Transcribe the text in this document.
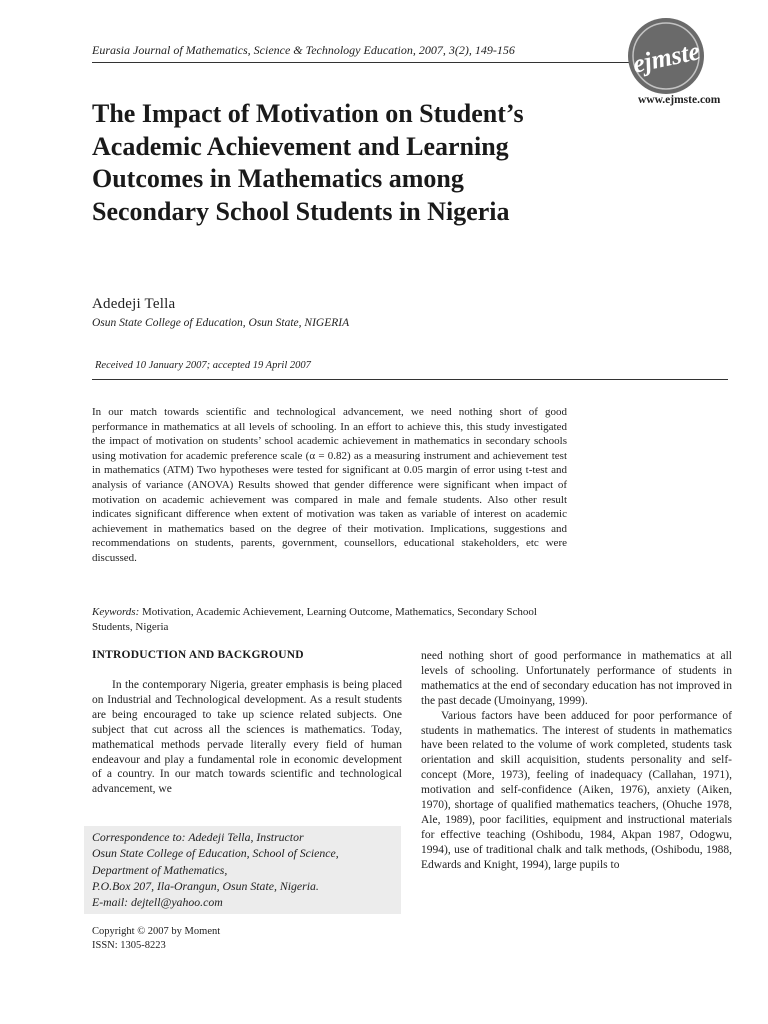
Eurasia Journal of Mathematics, Science & Technology Education, 2007, 3(2), 149-156	ejmste
www.ejmste.com
The Impact of Motivation on Student’s Academic Achievement and Learning Outcomes in Mathematics among Secondary School Students in Nigeria
Adedeji Tella
Osun State College of Education, Osun State, NIGERIA
Received 10 January 2007; accepted 19 April 2007

In our match towards scientific and technological advancement, we need nothing short of good performance in mathematics at all levels of schooling. In an effort to achieve this, this study investigated the impact of motivation on students’ school academic achievement in mathematics in secondary schools using motivation for academic preference scale (α = 0.82) as a measuring instrument and achievement test in mathematics (ATM) Two hypotheses were tested for significant at 0.05 margin of error using t-test and analysis of variance (ANOVA) Results showed that gender difference were significant when impact of motivation on academic achievement was compared in male and female students. Also other result indicates significant difference when extent of motivation was taken as variable of interest on academic achievement in mathematics based on the degree of their motivation. Implications, suggestions and recommendations on students, parents, government, counsellors, educational stakeholders, etc were discussed.

Keywords: Motivation, Academic Achievement, Learning Outcome, Mathematics, Secondary School Students, Nigeria

INTRODUCTION AND BACKGROUND

In the contemporary Nigeria, greater emphasis is being placed on Industrial and Technological development. As a result students are being encouraged to take up science related subjects. One subject that cut across all the sciences is mathematics. Today, mathematical methods pervade literally every field of human endeavour and play a fundamental role in economic development of a country. In our match towards scientific and technological advancement, we

need nothing short of good performance in mathematics at all levels of schooling. Unfortunately performance of students in mathematics at the end of secondary education has not improved in the past decade (Umoinyang, 1999).

Various factors have been adduced for poor performance of students in mathematics. The interest of students in mathematics have been related to the volume of work completed, students task orientation and skill acquisition, students personality and self-concept (More, 1973), feeling of inadequacy (Callahan, 1971), motivation and self-confidence (Aiken, 1976), anxiety (Aiken, 1970), shortage of qualified mathematics teachers, (Ohuche 1978, Ale, 1989), poor facilities, equipment and instructional materials for effective teaching (Oshibodu, 1984, Akpan 1987, Odogwu, 1994), use of traditional chalk and talk methods, (Oshibodu, 1988, Edwards and Knight, 1994), large pupils to

Correspondence to: Adedeji Tella, Instructor
Osun State College of Education, School of Science,
Department of Mathematics,
P.O.Box 207, Ila-Orangun, Osun State, Nigeria.
E-mail: dejtell@yahoo.com
Copyright © 2007 by Moment
ISSN: 1305-8223
